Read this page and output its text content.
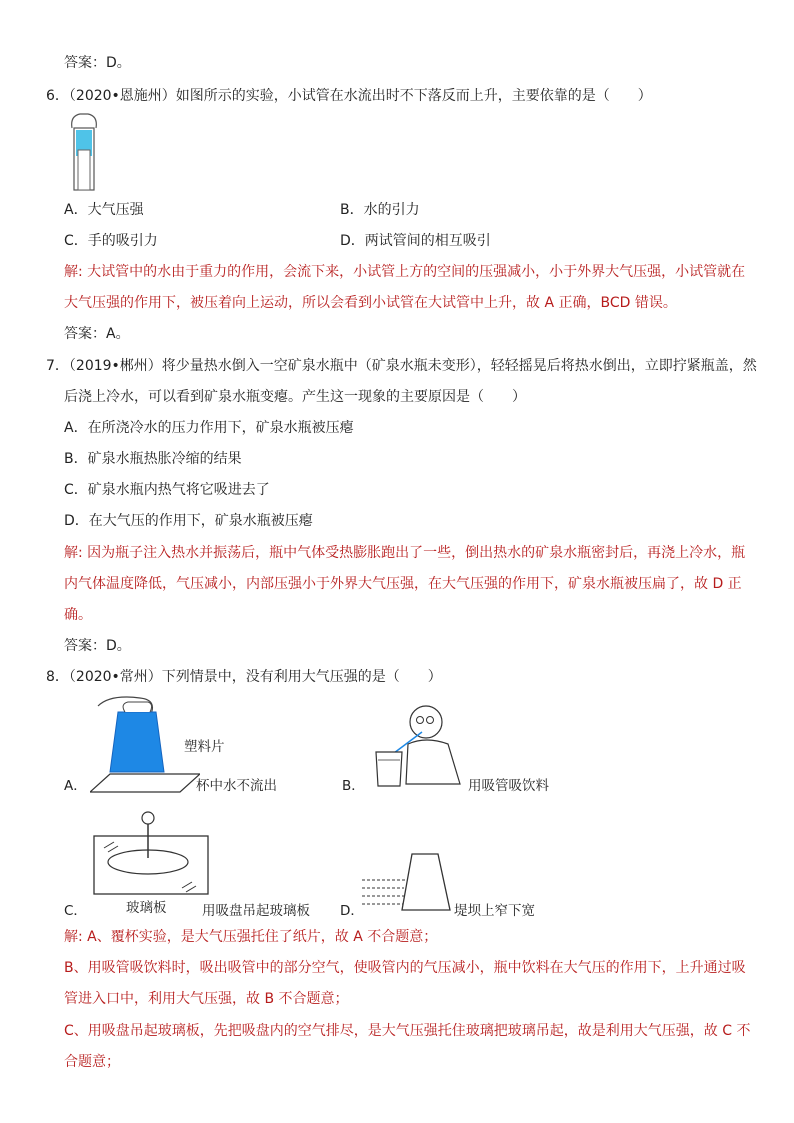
答案：D。
6．（2020•恩施州）如图所示的实验，小试管在水流出时不下落反而上升，主要依靠的是（　　）
A．大气压强	B．水的引力
C．手的吸引力	D．两试管间的相互吸引
解: 大试管中的水由于重力的作用，会流下来，小试管上方的空间的压强减小，小于外界大气压强，小试管就在
大气压强的作用下，被压着向上运动，所以会看到小试管在大试管中上升，故 A 正确，BCD 错误。
答案：A。
7．（2019•郴州）将少量热水倒入一空矿泉水瓶中（矿泉水瓶未变形），轻轻摇晃后将热水倒出，立即拧紧瓶盖，然
后浇上冷水，可以看到矿泉水瓶变瘪。产生这一现象的主要原因是（　　）
A．在所浇冷水的压力作用下，矿泉水瓶被压瘪
B．矿泉水瓶热胀冷缩的结果
C．矿泉水瓶内热气将它吸进去了
D．在大气压的作用下，矿泉水瓶被压瘪
解: 因为瓶子注入热水并振荡后，瓶中气体受热膨胀跑出了一些，倒出热水的矿泉水瓶密封后，再浇上冷水，瓶
内气体温度降低，气压减小，内部压强小于外界大气压强，在大气压强的作用下，矿泉水瓶被压扁了，故 D 正
确。
答案：D。
8．（2020•常州）下列情景中，没有利用大气压强的是（　　）
塑料片
A．	杯中水不流出	B．	用吸管吸饮料
玻璃板
C．	用吸盘吊起玻璃板 D．	堤坝上窄下宽
解: A、覆杯实验，是大气压强托住了纸片，故 A 不合题意；
B、用吸管吸饮料时，吸出吸管中的部分空气，使吸管内的气压减小，瓶中饮料在大气压的作用下，上升通过吸
管进入口中，利用大气压强，故 B 不合题意；
C、用吸盘吊起玻璃板，先把吸盘内的空气排尽，是大气压强托住玻璃把玻璃吊起，故是利用大气压强，故 C 不
合题意；
